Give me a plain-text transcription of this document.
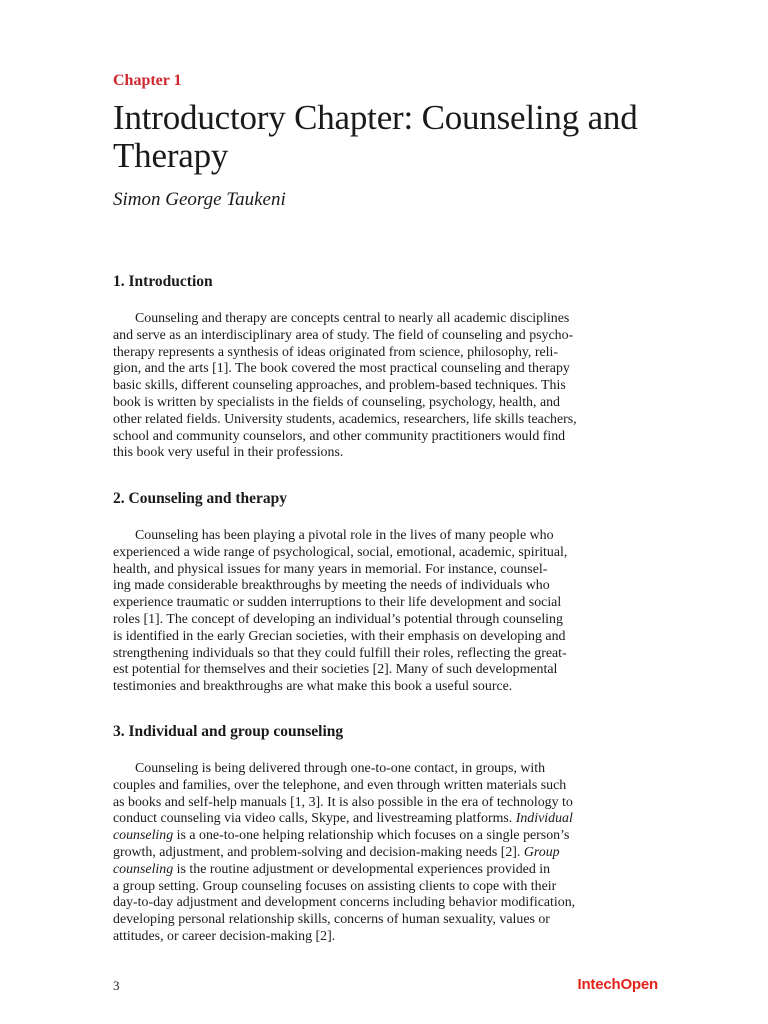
Chapter 1

Introductory Chapter: Counseling and Therapy

Simon George Taukeni

1. Introduction

Counseling and therapy are concepts central to nearly all academic disciplines
and serve as an interdisciplinary area of study. The field of counseling and psycho-
therapy represents a synthesis of ideas originated from science, philosophy, reli-
gion, and the arts [1]. The book covered the most practical counseling and therapy
basic skills, different counseling approaches, and problem-based techniques. This
book is written by specialists in the fields of counseling, psychology, health, and
other related fields. University students, academics, researchers, life skills teachers,
school and community counselors, and other community practitioners would find
this book very useful in their professions.

2. Counseling and therapy

Counseling has been playing a pivotal role in the lives of many people who
experienced a wide range of psychological, social, emotional, academic, spiritual,
health, and physical issues for many years in memorial. For instance, counsel-
ing made considerable breakthroughs by meeting the needs of individuals who
experience traumatic or sudden interruptions to their life development and social
roles [1]. The concept of developing an individual’s potential through counseling
is identified in the early Grecian societies, with their emphasis on developing and
strengthening individuals so that they could fulfill their roles, reflecting the great-
est potential for themselves and their societies [2]. Many of such developmental
testimonies and breakthroughs are what make this book a useful source.

3. Individual and group counseling

Counseling is being delivered through one-to-one contact, in groups, with
couples and families, over the telephone, and even through written materials such
as books and self-help manuals [1, 3]. It is also possible in the era of technology to
conduct counseling via video calls, Skype, and livestreaming platforms. Individual
counseling is a one-to-one helping relationship which focuses on a single person’s
growth, adjustment, and problem-solving and decision-making needs [2]. Group
counseling is the routine adjustment or developmental experiences provided in
a group setting. Group counseling focuses on assisting clients to cope with their
day-to-day adjustment and development concerns including behavior modification,
developing personal relationship skills, concerns of human sexuality, values or
attitudes, or career decision-making [2].

3	IntechOpen
